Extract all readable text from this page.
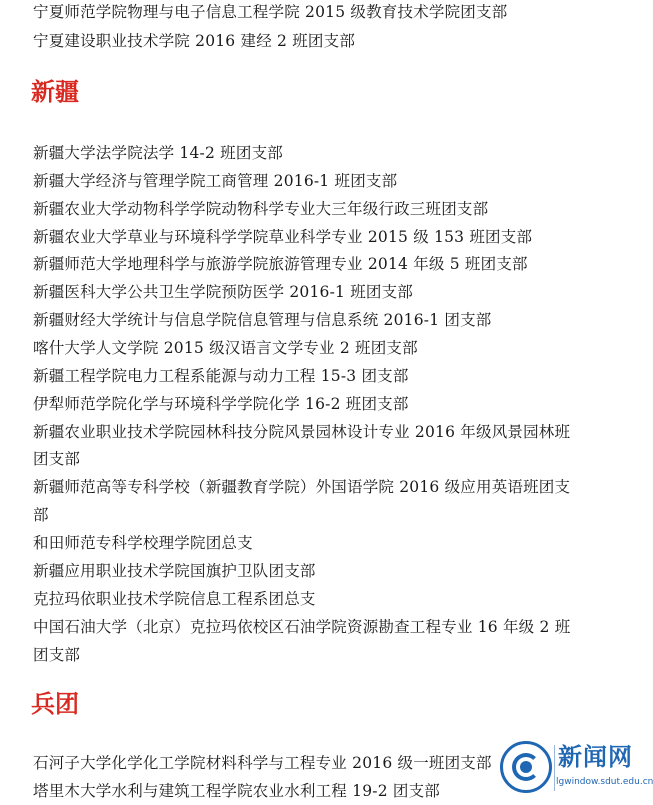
宁夏师范学院物理与电子信息工程学院 2015 级教育技术学院团支部
宁夏建设职业技术学院 2016 建经 2 班团支部
新疆
新疆大学法学院法学 14-2 班团支部
新疆大学经济与管理学院工商管理 2016-1 班团支部
新疆农业大学动物科学学院动物科学专业大三年级行政三班团支部
新疆农业大学草业与环境科学学院草业科学专业 2015 级 153 班团支部
新疆师范大学地理科学与旅游学院旅游管理专业 2014 年级 5 班团支部
新疆医科大学公共卫生学院预防医学 2016-1 班团支部
新疆财经大学统计与信息学院信息管理与信息系统 2016-1 团支部
喀什大学人文学院 2015 级汉语言文学专业 2 班团支部
新疆工程学院电力工程系能源与动力工程 15-3 团支部
伊犁师范学院化学与环境科学学院化学 16-2 班团支部
新疆农业职业技术学院园林科技分院风景园林设计专业 2016 年级风景园林班
团支部
新疆师范高等专科学校（新疆教育学院）外国语学院 2016 级应用英语班团支
部
和田师范专科学校理学院团总支
新疆应用职业技术学院国旗护卫队团支部
克拉玛依职业技术学院信息工程系团总支
中国石油大学（北京）克拉玛依校区石油学院资源勘查工程专业 16 年级 2 班
团支部
兵团
石河子大学化学化工学院材料科学与工程专业 2016 级一班团支部
塔里木大学水利与建筑工程学院农业水利工程 19-2 团支部
新闻网
lgwindow.sdut.edu.cn
